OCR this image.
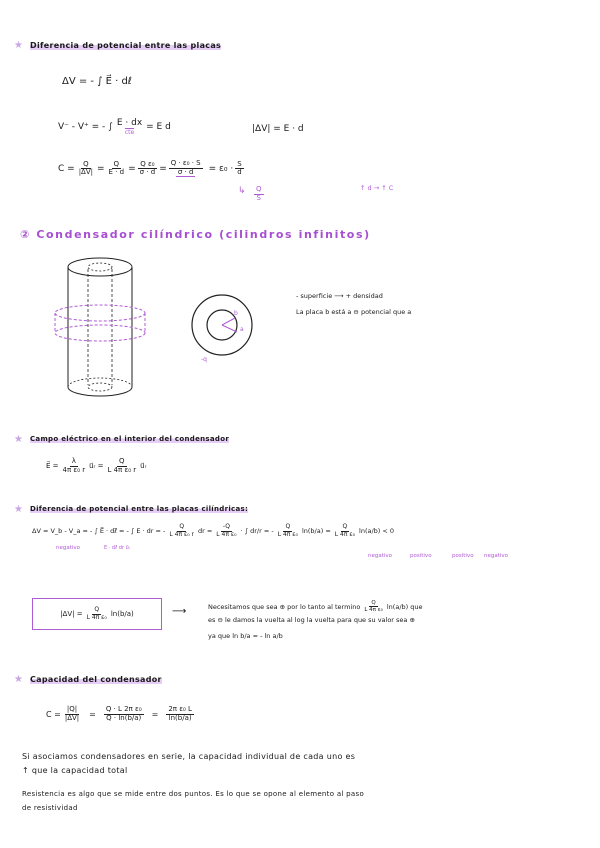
★ Diferencia de potencial entre las placas
ΔV = - ∫ E⃗ · dℓ
V⁻ - V⁺ = - ∫ E · dx
cte
= E d	|ΔV| = E · d
$C = \frac{Q}{|\Delta V|} = \frac{Q}{E \cdot d} = \frac{\text{Q ε₀}}{\sigma \cdot d} = \frac{\text{Q · ε₀ · S}}{\sigma \cdot d} = \varepsilon_0 \cdot \frac{S}{d}$
↑ d → ↑ C
↳ $\frac{Q}{S}$
② Condensador cilíndrico (cilindros infinitos)
b
a
-q
- superficie ⟶ + densidad
La placa b está a ⊖ potencial que a
★ Campo eléctrico en el interior del condensador
E⃗ = $\frac{\lambda}{\text{4π ε₀ r}}$ u⃗ᵣ = $\frac{Q}{\text{L 4π ε₀ r}}$ u⃗ᵣ
★ Diferencia de potencial entre las placas cilíndricas:
ΔV = V_b - V_a = - ∫ E⃗ · dℓ⃗ = - ∫ E · dr = - $\frac{Q}{\text{L 4π ε₀ r}}$ dr = $\frac{-Q}{\text{L 4π ε₀}}$ · ∫ dr/r = - $\frac{Q}{\text{L 4π ε₀}} \ln(b/a) = \frac{Q}{\text{L 4π ε₀}} \ln(a/b) < 0$
negativo	E · dℓ⃗ dr u⃗ᵣ
negativo	positivo	positivo negativo
$|\Delta V| = \frac{Q}{\text{L 4π ε₀}} \ln(b/a)$	⟶	Necesitamos que sea ⊕ por lo tanto al termino $\frac{Q}{\text{L 4π ε₀}} \ln(a/b)$ que
es ⊖ le damos la vuelta al log la vuelta para que su valor sea ⊕
ya que ln b/a = - ln a/b
★ Capacidad del condensador
$C = \frac{|Q|}{|\Delta V|} = \frac{\text{Q · L 2π ε₀}}{Q \cdot \ln(b/a)} = \frac{\text{2π ε₀ L}}{\ln(b/a)}$
Si asociamos condensadores en serie, la capacidad individual de cada uno es
↑ que la capacidad total
Resistencia es algo que se mide entre dos puntos. Es lo que se opone al elemento al paso
de resistividad
